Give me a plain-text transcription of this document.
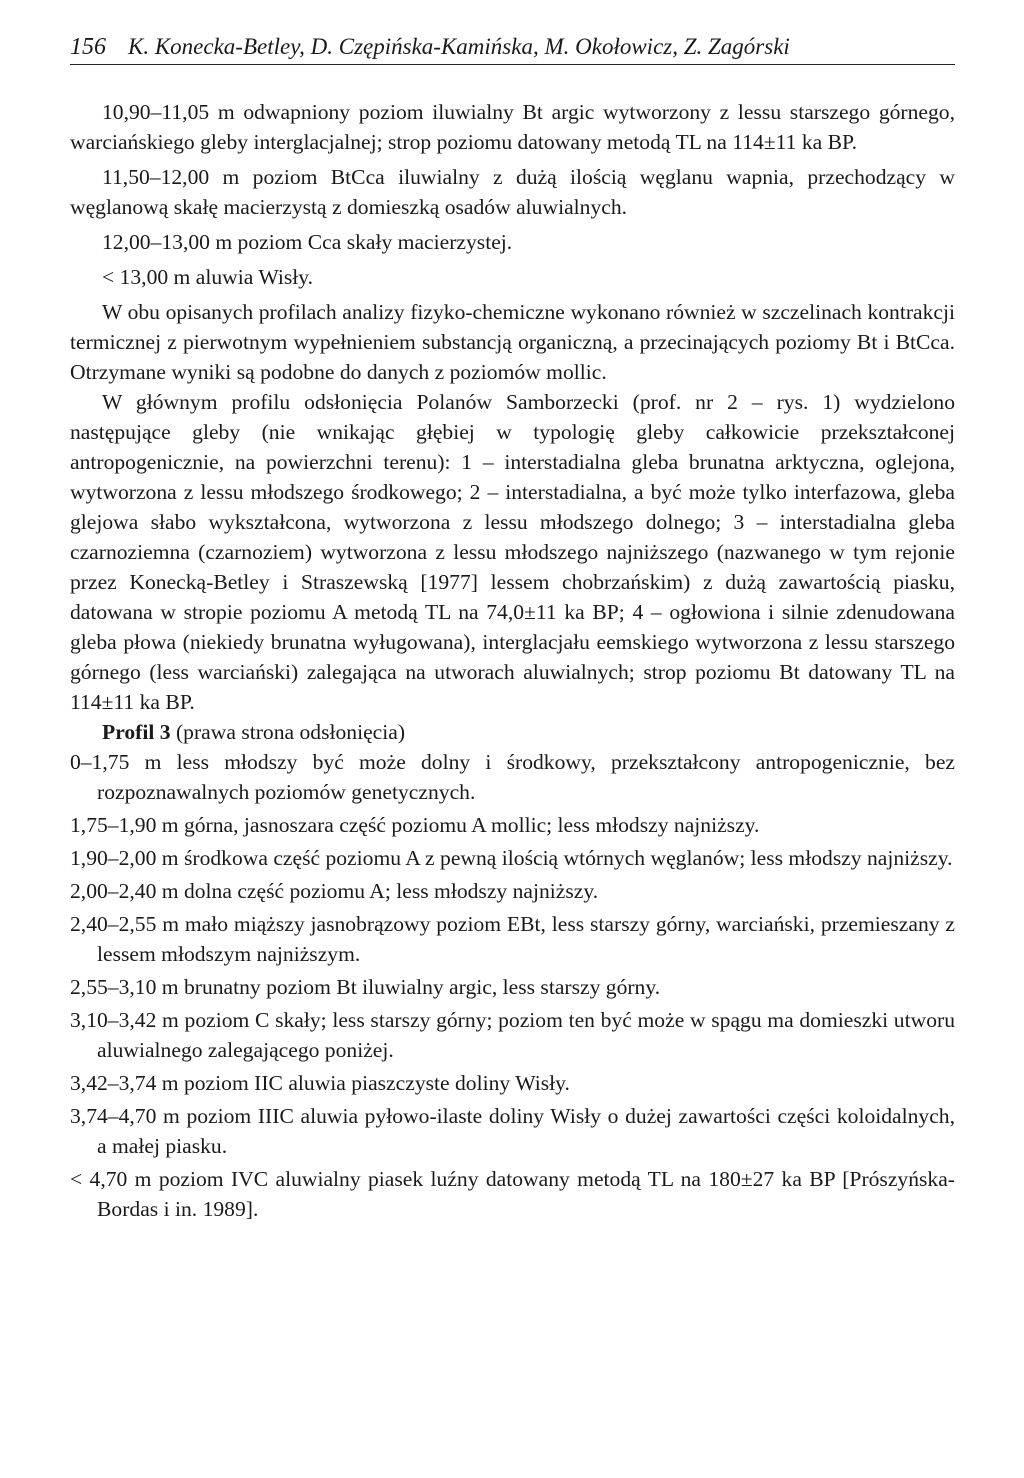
156 K. Konecka-Betley, D. Czępińska-Kamińska, M. Okołowicz, Z. Zagórski

10,90–11,05 m odwapniony poziom iluwialny Bt argic wytworzony z lessu starszego górnego, warciańskiego gleby interglacjalnej; strop poziomu datowany metodą TL na 114±11 ka BP.

11,50–12,00 m poziom BtCca iluwialny z dużą ilością węglanu wapnia, przechodzący w węglanową skałę macierzystą z domieszką osadów aluwialnych.

12,00–13,00 m poziom Cca skały macierzystej.

< 13,00 m aluwia Wisły.

W obu opisanych profilach analizy fizyko-chemiczne wykonano również w szczelinach kontrakcji termicznej z pierwotnym wypełnieniem substancją organiczną, a przecinających poziomy Bt i BtCca. Otrzymane wyniki są podobne do danych z poziomów mollic.

W głównym profilu odsłonięcia Polanów Samborzecki (prof. nr 2 – rys. 1) wydzielono następujące gleby (nie wnikając głębiej w typologię gleby całkowicie przekształconej antropogenicznie, na powierzchni terenu): 1 – interstadialna gleba brunatna arktyczna, oglejona, wytworzona z lessu młodszego środkowego; 2 – interstadialna, a być może tylko interfazowa, gleba glejowa słabo wykształcona, wytworzona z lessu młodszego dolnego; 3 – interstadialna gleba czarnoziemna (czarnoziem) wytworzona z lessu młodszego najniższego (nazwanego w tym rejonie przez Konecką-Betley i Straszewską [1977] lessem chobrzańskim) z dużą zawartością piasku, datowana w stropie poziomu A metodą TL na 74,0±11 ka BP; 4 – ogłowiona i silnie zdenudowana gleba płowa (niekiedy brunatna wyługowana), interglacjału eemskiego wytworzona z lessu starszego górnego (less warciański) zalegająca na utworach aluwialnych; strop poziomu Bt datowany TL na 114±11 ka BP.

Profil 3 (prawa strona odsłonięcia)

0–1,75 m less młodszy być może dolny i środkowy, przekształcony antropogenicznie, bez rozpoznawalnych poziomów genetycznych.

1,75–1,90 m górna, jasnoszara część poziomu A mollic; less młodszy najniższy.

1,90–2,00 m środkowa część poziomu A z pewną ilością wtórnych węglanów; less młodszy najniższy.

2,00–2,40 m dolna część poziomu A; less młodszy najniższy.

2,40–2,55 m mało miąższy jasnobrązowy poziom EBt, less starszy górny, warciański, przemieszany z lessem młodszym najniższym.

2,55–3,10 m brunatny poziom Bt iluwialny argic, less starszy górny.

3,10–3,42 m poziom C skały; less starszy górny; poziom ten być może w spągu ma domieszki utworu aluwialnego zalegającego poniżej.

3,42–3,74 m poziom IIC aluwia piaszczyste doliny Wisły.

3,74–4,70 m poziom IIIC aluwia pyłowo-ilaste doliny Wisły o dużej zawartości części koloidalnych, a małej piasku.

< 4,70 m poziom IVC aluwialny piasek luźny datowany metodą TL na 180±27 ka BP [Prószyńska-Bordas i in. 1989].
